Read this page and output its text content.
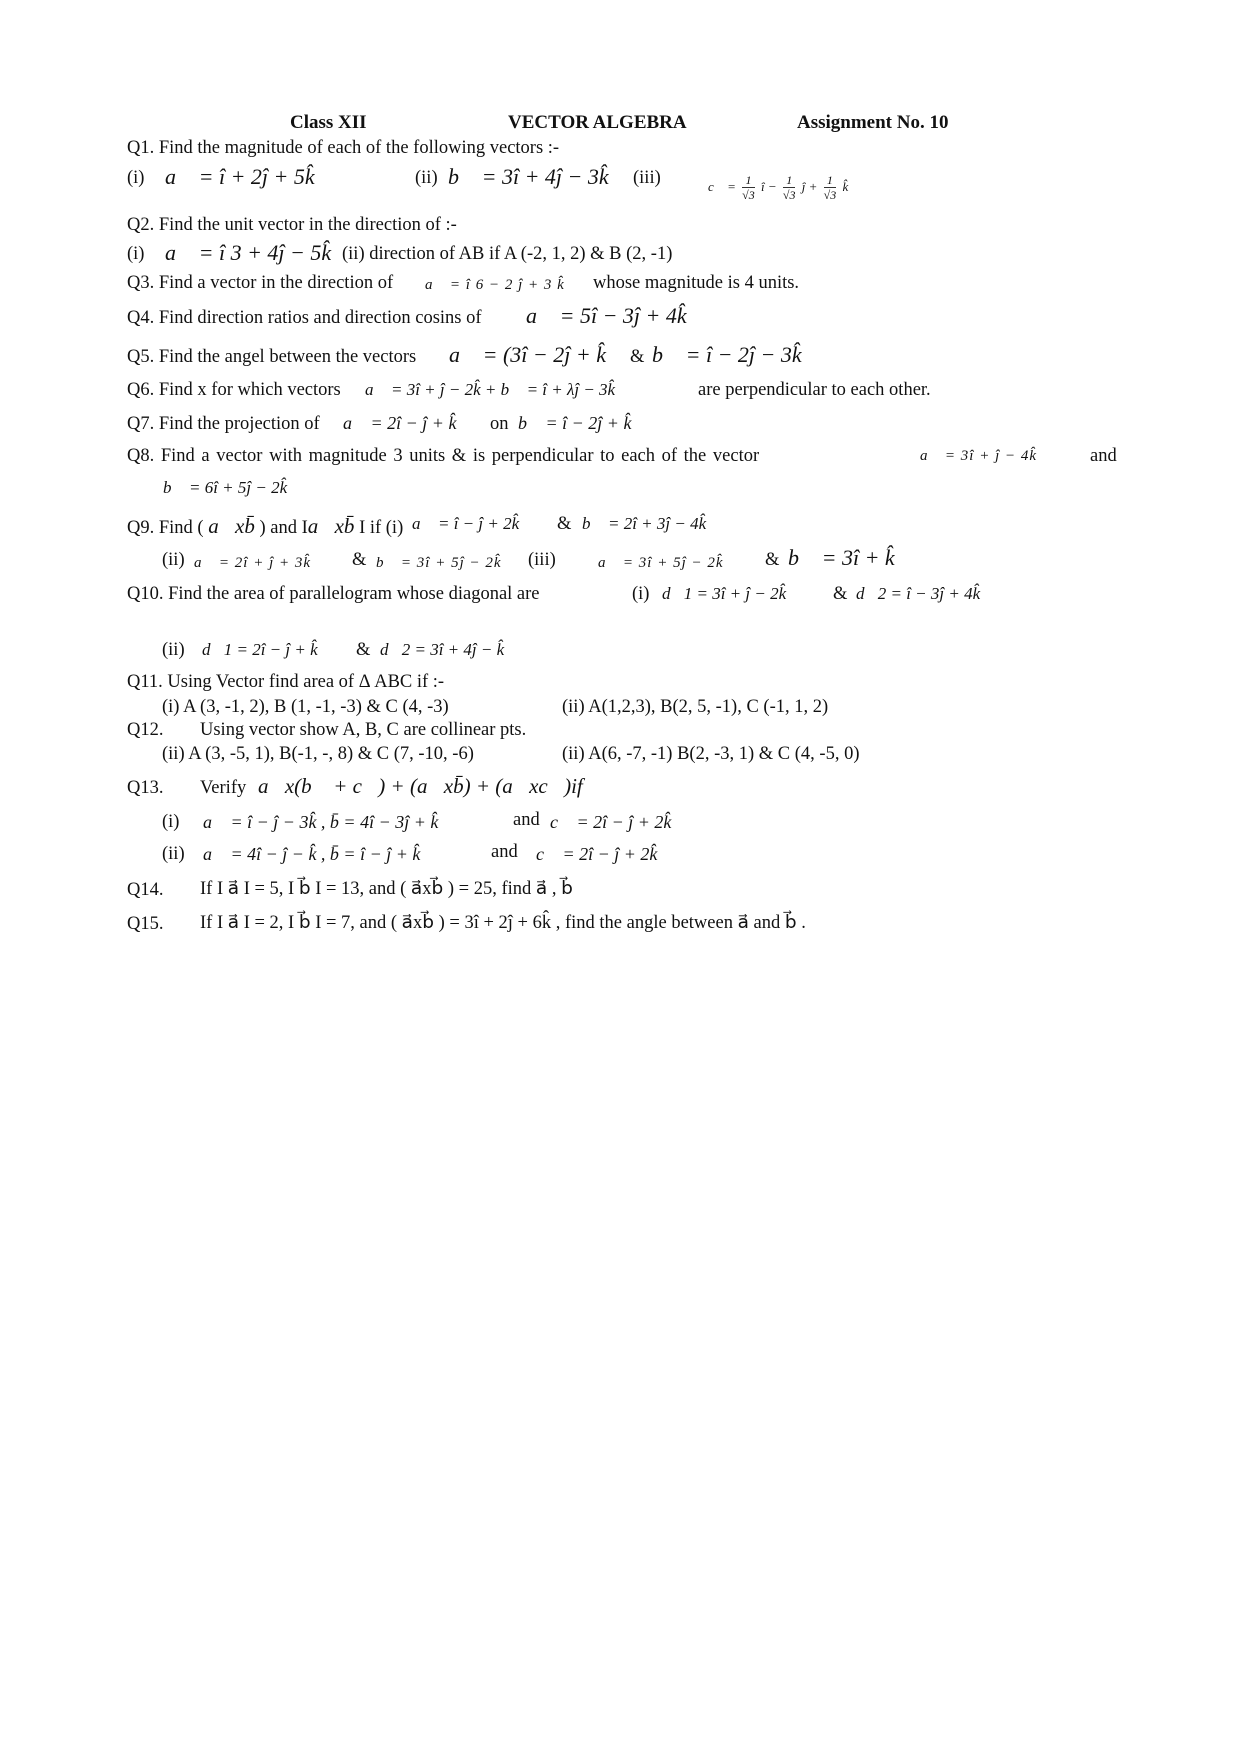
Class XII	VECTOR ALGEBRA	Assignment No. 10
Q1. Find the magnitude of each of the following vectors :-
(i) a⃗ = î + 2ĵ + 5k̂	(ii) b⃗ = 3î + 4ĵ − 3k̂ (iii)	c⃗ = $\frac{1}{√3}$ î − $\frac{1}{√3}$ ĵ + $\frac{1}{√3}$ k̂
Q2. Find the unit vector in the direction of :-
(i) a⃗ = î 3 + 4ĵ − 5k̂ (ii) direction of AB if A (-2, 1, 2) & B (2, -1)
Q3. Find a vector in the direction of a⃗ = î 6 − 2 ĵ + 3 k̂ whose magnitude is 4 units.
Q4. Find direction ratios and direction cosins of a⃗ = 5î − 3ĵ + 4k̂
Q5. Find the angel between the vectors a⃗ = (3î − 2ĵ + k̂ & b⃗ = î − 2ĵ − 3k̂
Q6. Find x for which vectors a⃗ = 3î + ĵ − 2k̂ + b⃗ = î + λĵ − 3k̂	are perpendicular to each other.
Q7. Find the projection of a⃗ = 2î − ĵ + k̂ on b⃗ = î − 2ĵ + k̂
Q8. Find a vector with magnitude 3 units & is perpendicular to each of the vector	a⃗ = 3î + ĵ − 4k̂	and
b⃗ = 6î + 5ĵ − 2k̂
Q9. Find ( a⃗xb̄ ) and Ia⃗xb̄ I if (i) a⃗ = î − ĵ + 2k̂ & b⃗ = 2î + 3ĵ − 4k̂
(ii) a⃗ = 2î + ĵ + 3k̂ & b⃗ = 3î + 5ĵ − 2k̂ (iii)	a⃗ = 3î + 5ĵ − 2k̂ & b⃗ = 3î + k̂
Q10. Find the area of parallelogram whose diagonal are	(i) d⃗1 = 3î + ĵ − 2k̂	& d⃗2 = î − 3ĵ + 4k̂
(ii) d⃗1 = 2î − ĵ + k̂ & d⃗2 = 3î + 4ĵ − k̂
Q11. Using Vector find area of Δ ABC if :-
(i) A (3, -1, 2), B (1, -1, -3) & C (4, -3)	(ii) A(1,2,3), B(2, 5, -1), C (-1, 1, 2)
Q12. Using vector show A, B, C are collinear pts.
(ii) A (3, -5, 1), B(-1, -, 8) & C (7, -10, -6)	(ii) A(6, -7, -1) B(2, -3, 1) & C (4, -5, 0)
Q13. Verify a⃗x(b⃗ + c⃗) + (a⃗xb̄) + (a⃗xc⃗)if
(i) a⃗ = î − ĵ − 3k̂ , b̄ = 4î − 3ĵ + k̂	and c⃗ = 2î − ĵ + 2k̂
(ii) a⃗ = 4î − ĵ − k̂ , b̄ = î − ĵ + k̂	and c⃗ = 2î − ĵ + 2k̂
Q14. If I a⃗ I = 5, I b⃗ I = 13, and ( a⃗xb⃗ ) = 25, find a⃗ , b⃗
Q15. If I a⃗ I = 2, I b⃗ I = 7, and ( a⃗xb⃗ ) = 3î + 2ĵ + 6k̂ , find the angle between a⃗ and b⃗ .
